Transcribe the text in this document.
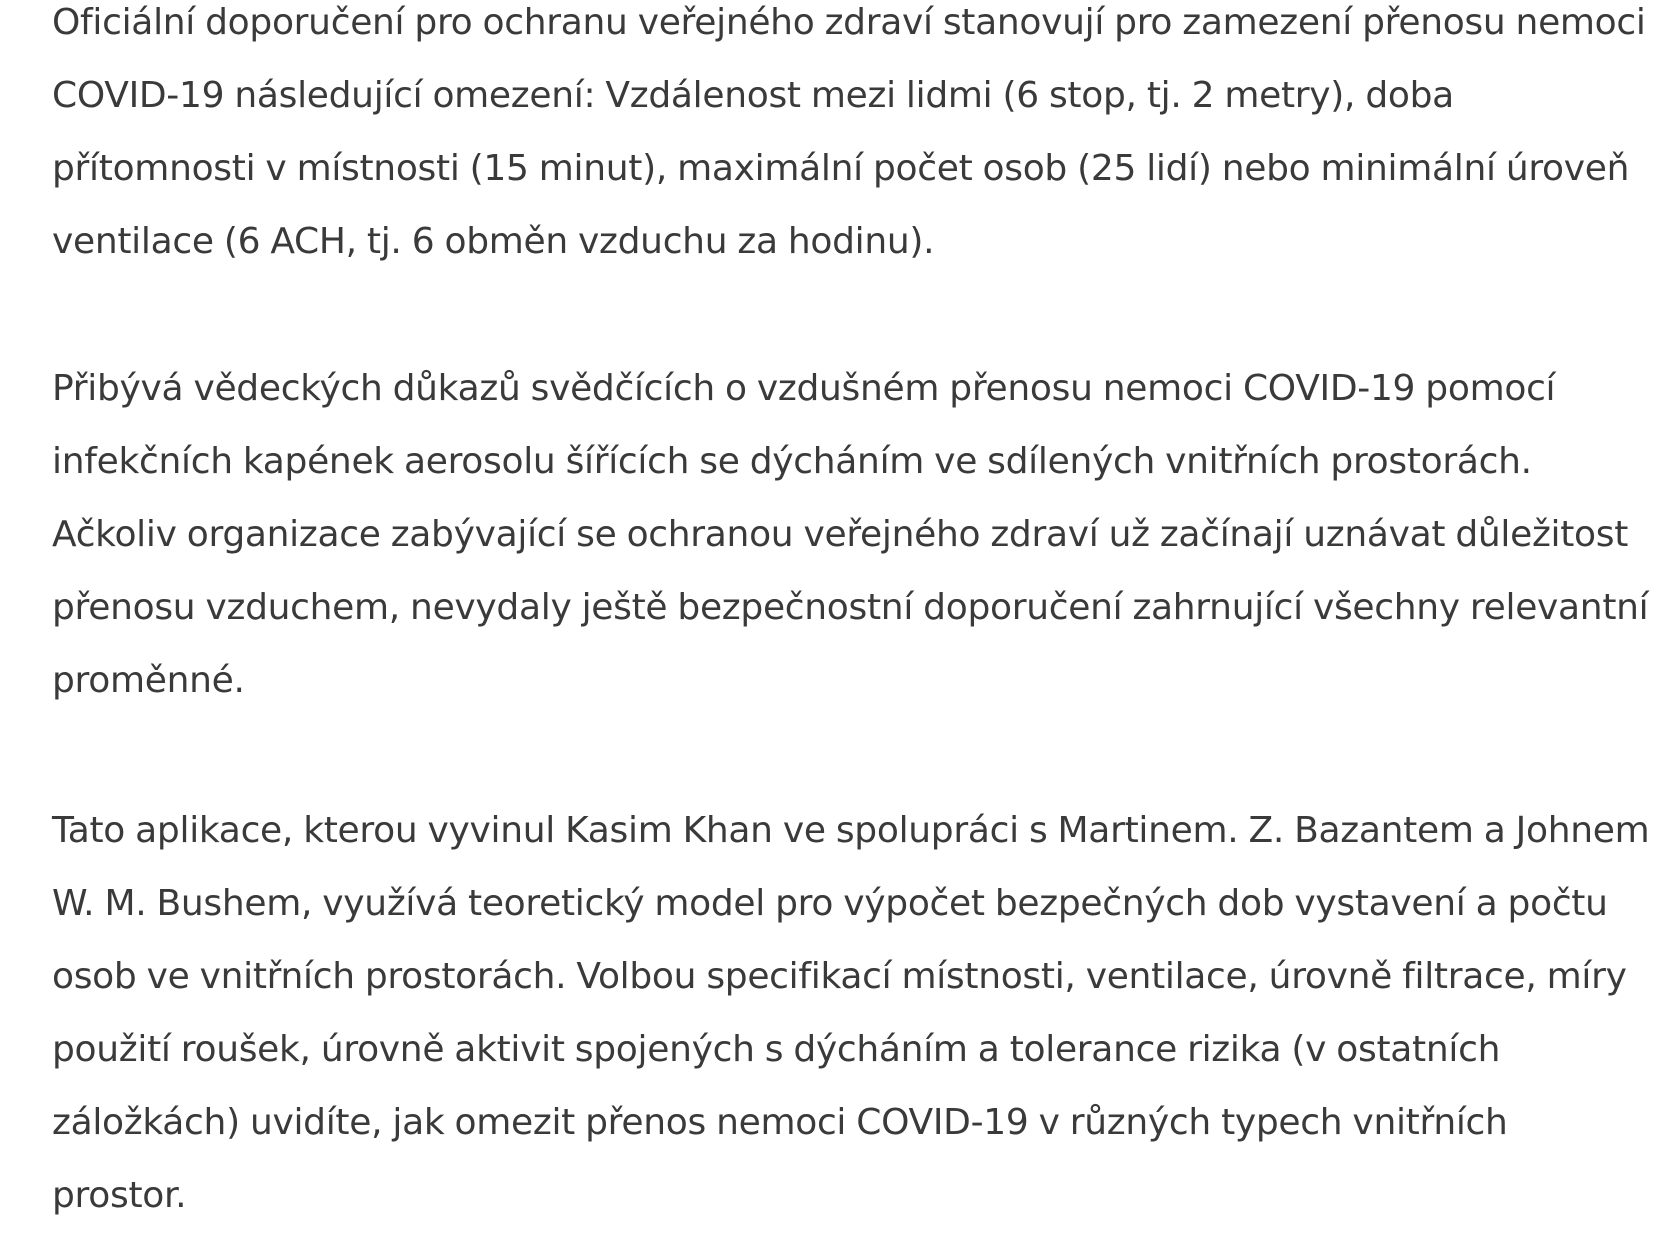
Oficiální doporučení pro ochranu veřejného zdraví stanovují pro zamezení přenosu nemoci COVID-19 následující omezení: Vzdálenost mezi lidmi (6 stop, tj. 2 metry), doba přítomnosti v místnosti (15 minut), maximální počet osob (25 lidí) nebo minimální úroveň ventilace (6 ACH, tj. 6 obměn vzduchu za hodinu).

Přibývá vědeckých důkazů svědčících o vzdušném přenosu nemoci COVID-19 pomocí infekčních kapének aerosolu šířících se dýcháním ve sdílených vnitřních prostorách. Ačkoliv organizace zabývající se ochranou veřejného zdraví už začínají uznávat důležitost přenosu vzduchem, nevydaly ještě bezpečnostní doporučení zahrnující všechny relevantní proměnné.

Tato aplikace, kterou vyvinul Kasim Khan ve spolupráci s Martinem. Z. Bazantem a Johnem W. M. Bushem, využívá teoretický model pro výpočet bezpečných dob vystavení a počtu osob ve vnitřních prostorách. Volbou specifikací místnosti, ventilace, úrovně filtrace, míry použití roušek, úrovně aktivit spojených s dýcháním a tolerance rizika (v ostatních záložkách) uvidíte, jak omezit přenos nemoci COVID-19 v různých typech vnitřních prostor.
